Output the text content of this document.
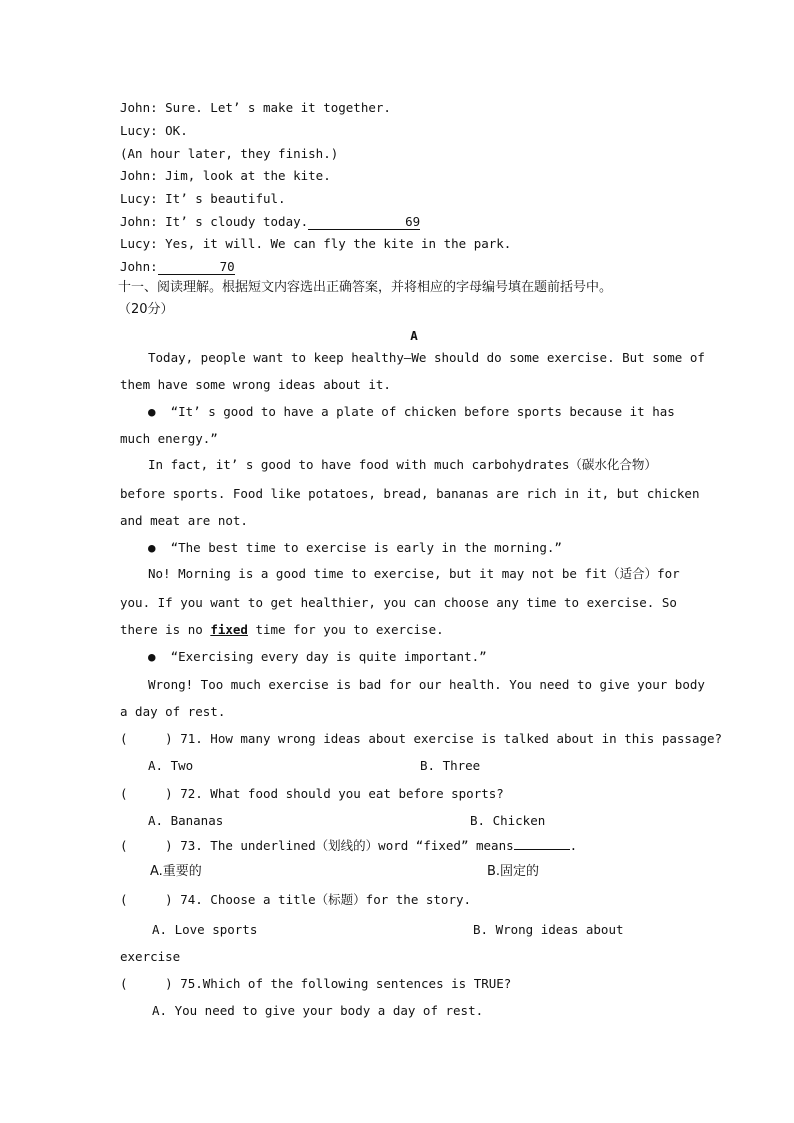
John: Sure. Let’ s make it together.
Lucy: OK.
(An hour later, they finish.)
John: Jim, look at the kite.
Lucy: It’ s beautiful.
John: It’ s cloudy today.	69
Lucy: Yes, it will. We can fly the kite in the park.
John:	70
十一、阅读理解。根据短文内容选出正确答案，并将相应的字母编号填在题前括号中。
（20分）
A
Today, people want to keep healthy—We should do some exercise. But some of
them have some wrong ideas about it.
●  “It’ s good to have a plate of chicken before sports because it has
much energy.”
In fact, it’ s good to have food with much carbohydrates（碳水化合物）
before sports. Food like potatoes, bread, bananas are rich in it, but chicken
and meat are not.
●  “The best time to exercise is early in the morning.”
No! Morning is a good time to exercise, but it may not be fit（适合）for
you. If you want to get healthier, you can choose any time to exercise. So
there is no fixed time for you to exercise.
●  “Exercising every day is quite important.”
Wrong! Too much exercise is bad for our health. You need to give your body
a day of rest.
(     ) 71. How many wrong ideas about exercise is talked about in this passage?
A. Two	B. Three
(     ) 72. What food should you eat before sports?
A. Bananas	B. Chicken
(     ) 73. The underlined（划线的）word “fixed” means	.
A.重要的	B.固定的
(     ) 74. Choose a title（标题）for the story.
A. Love sports	B. Wrong ideas about
exercise
(     ) 75.Which of the following sentences is TRUE?
A. You need to give your body a day of rest.
